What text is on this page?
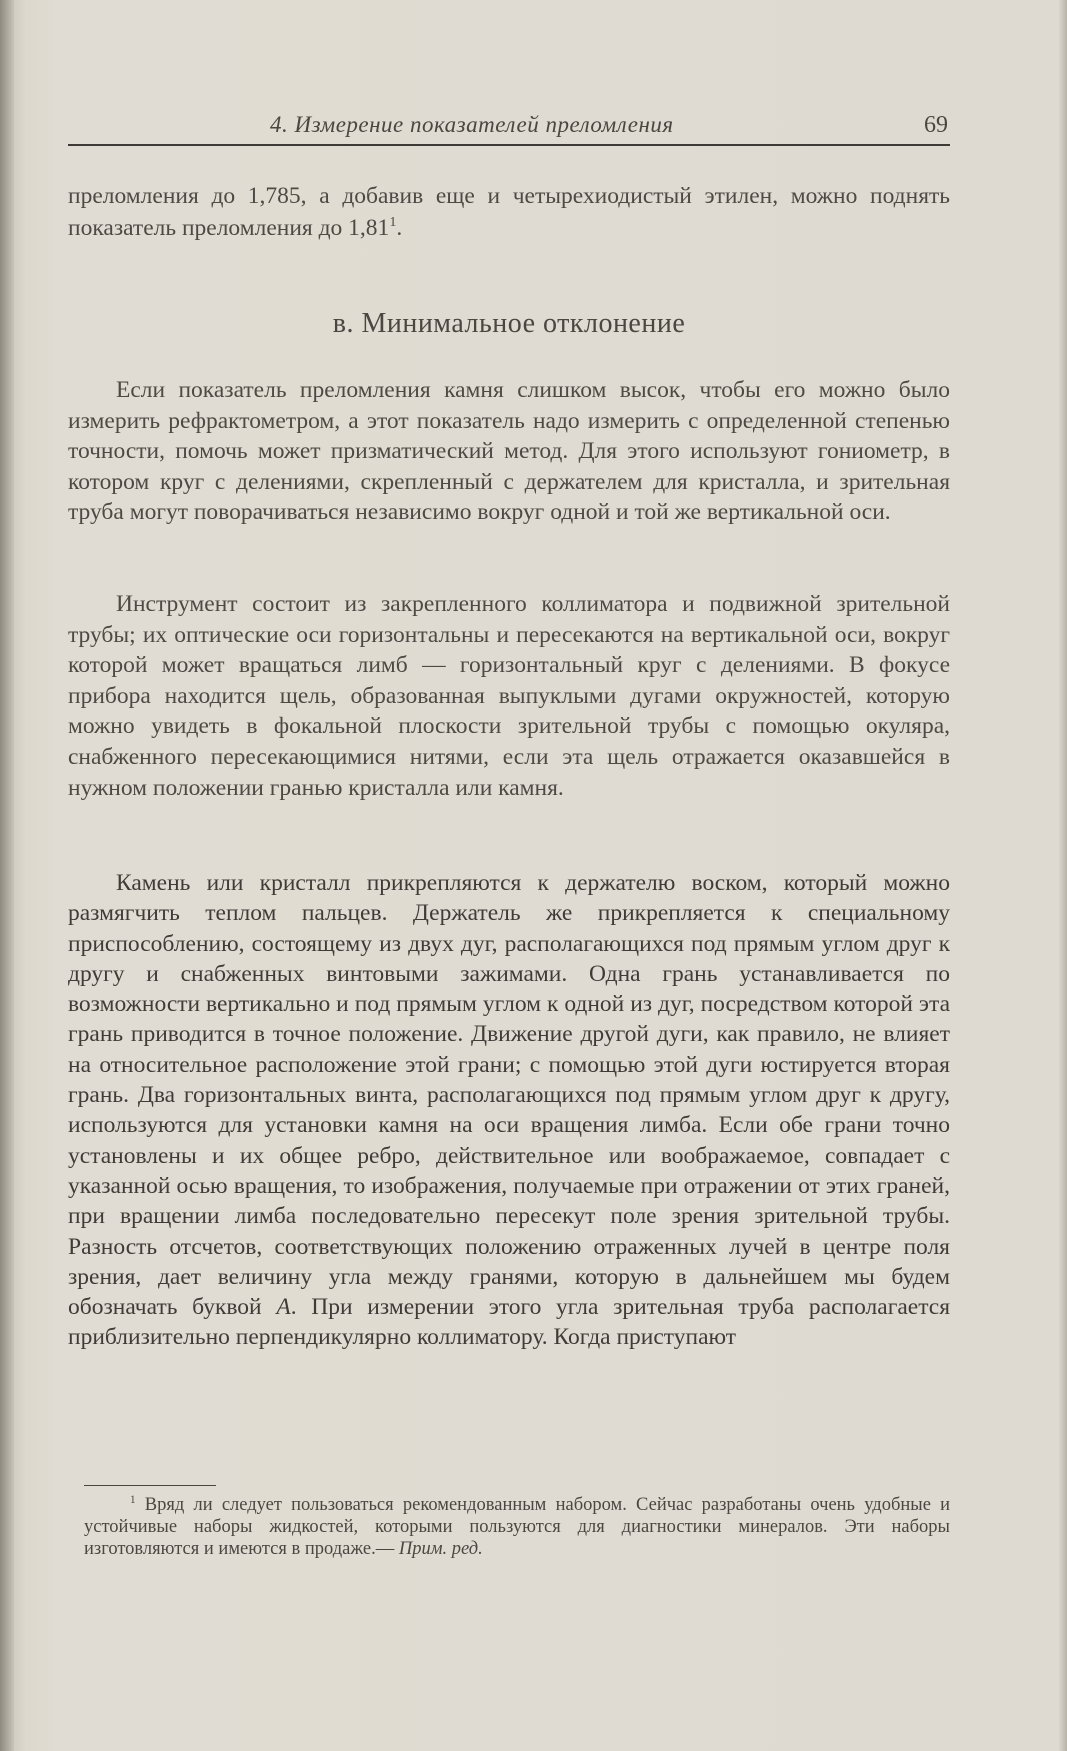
4. Измерение показателей преломления	69
преломления до 1,785, а добавив еще и четырехиодистый этилен, можно поднять показатель преломления до 1,81$^1$.
в. Минимальное отклонение
Если показатель преломления камня слишком высок, чтобы его можно было измерить рефрактометром, а этот показатель надо измерить с определенной степенью точности, помочь может призматический метод. Для этого используют гониометр, в котором круг с делениями, скрепленный с держателем для кристалла, и зрительная труба могут поворачиваться независимо вокруг одной и той же вертикальной оси.
Инструмент состоит из закрепленного коллиматора и подвижной зрительной трубы; их оптические оси горизонтальны и пересекаются на вертикальной оси, вокруг которой может вращаться лимб — горизонтальный круг с делениями. В фокусе прибора находится щель, образованная выпуклыми дугами окружностей, которую можно увидеть в фокальной плоскости зрительной трубы с помощью окуляра, снабженного пересекающимися нитями, если эта щель отражается оказавшейся в нужном положении гранью кристалла или камня.
Камень или кристалл прикрепляются к держателю воском, который можно размягчить теплом пальцев. Держатель же прикрепляется к специальному приспособлению, состоящему из двух дуг, располагающихся под прямым углом друг к другу и снабженных винтовыми зажимами. Одна грань устанавливается по возможности вертикально и под прямым углом к одной из дуг, посредством которой эта грань приводится в точное положение. Движение другой дуги, как правило, не влияет на относительное расположение этой грани; с помощью этой дуги юстируется вторая грань. Два горизонтальных винта, располагающихся под прямым углом друг к другу, используются для установки камня на оси вращения лимба. Если обе грани точно установлены и их общее ребро, действительное или воображаемое, совпадает с указанной осью вращения, то изображения, получаемые при отражении от этих граней, при вращении лимба последовательно пересекут поле зрения зрительной трубы. Разность отсчетов, соответствующих положению отраженных лучей в центре поля зрения, дает величину угла между гранями, которую в дальнейшем мы будем обозначать буквой A. При измерении этого угла зрительная труба располагается приблизительно перпендикулярно коллиматору. Когда приступают
$^1$ Вряд ли следует пользоваться рекомендованным набором. Сейчас разработаны очень удобные и устойчивые наборы жидкостей, которыми пользуются для диагностики минералов. Эти наборы изготовляются и имеются в продаже.— Прим. ред.
